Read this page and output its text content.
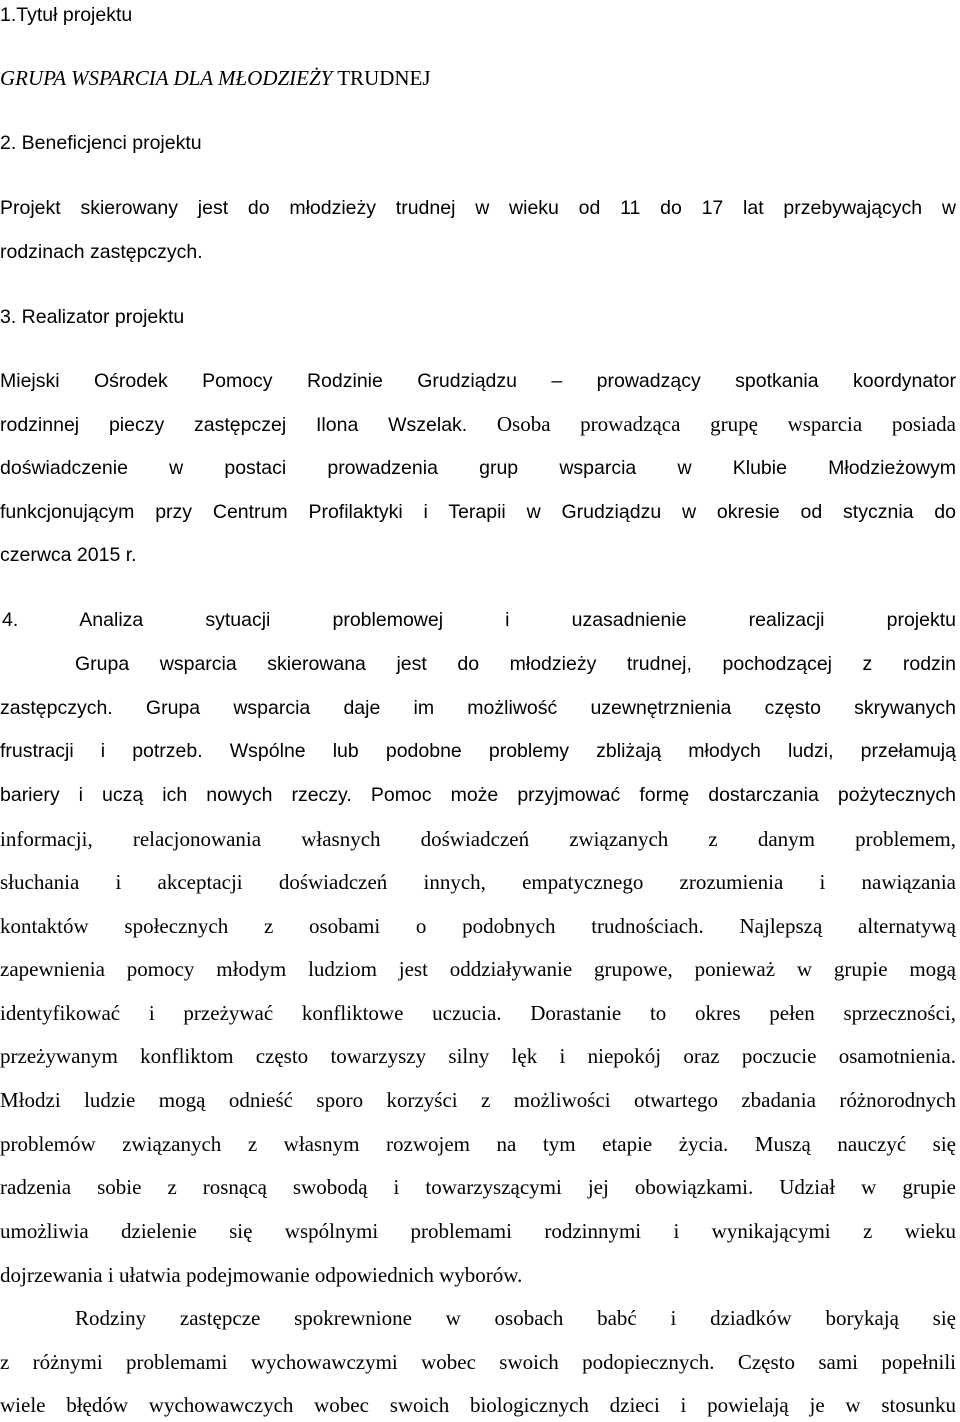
1.Tytuł projektu

GRUPA WSPARCIA DLA MŁODZIEŻY TRUDNEJ

2. Beneficjenci projektu

Projekt skierowany jest do młodzieży trudnej w wieku od 11 do 17 lat przebywających w

rodzinach zastępczych.

3. Realizator projektu

Miejski Ośrodek Pomocy Rodzinie Grudziądzu – prowadzący spotkania koordynator

rodzinnej pieczy zastępczej Ilona Wszelak. Osoba prowadząca grupę wsparcia posiada

doświadczenie w postaci prowadzenia grup wsparcia w Klubie Młodzieżowym

funkcjonującym przy Centrum Profilaktyki i Terapii w Grudziądzu w okresie od stycznia do

czerwca 2015 r.

4. Analiza sytuacji problemowej i uzasadnienie realizacji projektu

Grupa wsparcia skierowana jest do młodzieży trudnej, pochodzącej z rodzin

zastępczych. Grupa wsparcia daje im możliwość uzewnętrznienia często skrywanych

frustracji i potrzeb. Wspólne lub podobne problemy zbliżają młodych ludzi, przełamują

bariery i uczą ich nowych rzeczy. Pomoc może przyjmować formę dostarczania pożytecznych

informacji, relacjonowania własnych doświadczeń związanych z danym problemem,

słuchania i akceptacji doświadczeń innych, empatycznego zrozumienia i nawiązania

kontaktów społecznych z osobami o podobnych trudnościach. Najlepszą alternatywą

zapewnienia pomocy młodym ludziom jest oddziaływanie grupowe, ponieważ w grupie mogą

identyfikować i przeżywać konfliktowe uczucia. Dorastanie to okres pełen sprzeczności,

przeżywanym konfliktom często towarzyszy silny lęk i niepokój oraz poczucie osamotnienia.

Młodzi ludzie mogą odnieść sporo korzyści z możliwości otwartego zbadania różnorodnych

problemów związanych z własnym rozwojem na tym etapie życia. Muszą nauczyć się

radzenia sobie z rosnącą swobodą i towarzyszącymi jej obowiązkami. Udział w grupie

umożliwia dzielenie się wspólnymi problemami rodzinnymi i wynikającymi z wieku

dojrzewania i ułatwia podejmowanie odpowiednich wyborów.

Rodziny zastępcze spokrewnione w osobach babć i dziadków borykają się

z różnymi problemami wychowawczymi wobec swoich podopiecznych. Często sami popełnili

wiele błędów wychowawczych wobec swoich biologicznych dzieci i powielają je w stosunku
